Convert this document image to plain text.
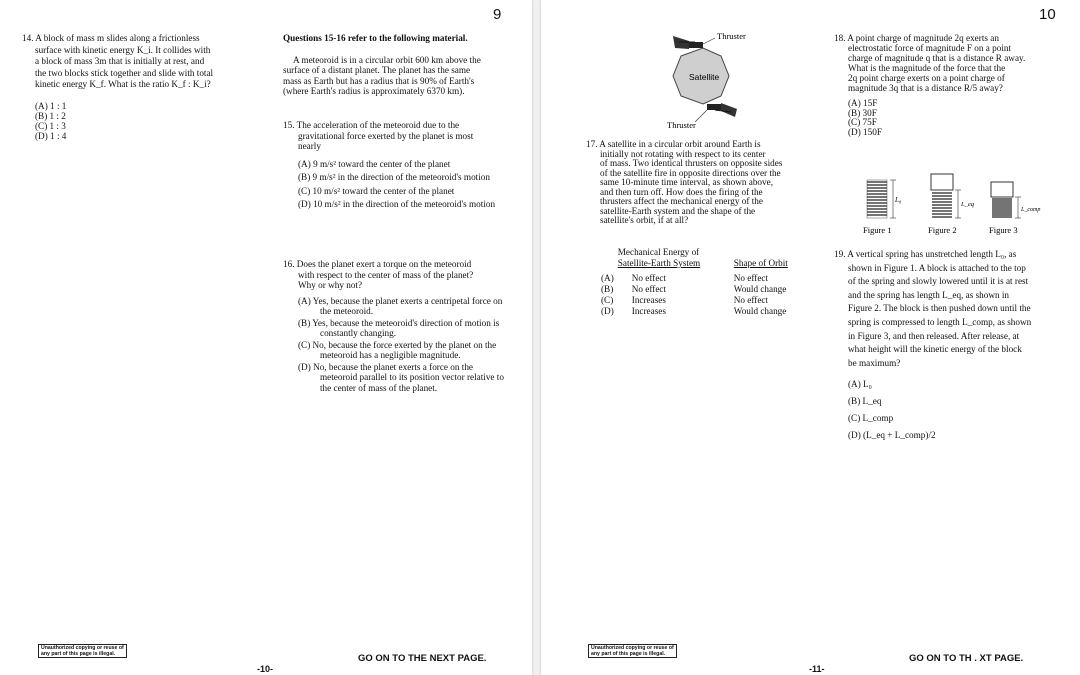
9
14. A block of mass m slides along a frictionless
surface with kinetic energy K_i. It collides with
a block of mass 3m that is initially at rest, and
the two blocks stick together and slide with total
kinetic energy K_f. What is the ratio K_f : K_i?
(A) 1 : 1
(B) 1 : 2
(C) 1 : 3
(D) 1 : 4
Questions 15-16 refer to the following material.
A meteoroid is in a circular orbit 600 km above the
surface of a distant planet. The planet has the same
mass as Earth but has a radius that is 90% of Earth's
(where Earth's radius is approximately 6370 km).
15. The acceleration of the meteoroid due to the
gravitational force exerted by the planet is most
nearly
(A) 9 m/s² toward the center of the planet
(B) 9 m/s² in the direction of the meteoroid's motion
(C) 10 m/s² toward the center of the planet
(D) 10 m/s² in the direction of the meteoroid's motion
16. Does the planet exert a torque on the meteoroid
with respect to the center of mass of the planet?
Why or why not?
(A) Yes, because the planet exerts a centripetal force on the meteoroid.
(B) Yes, because the meteoroid's direction of motion is constantly changing.
(C) No, because the force exerted by the planet on the meteoroid has a negligible magnitude.
(D) No, because the planet exerts a force on the meteoroid parallel to its position vector relative to the center of mass of the planet.
Unauthorized copying or reuse of
any part of this page is illegal.	GO ON TO THE NEXT PAGE.
-10-
10
Satellite
Thruster
Thruster
17. A satellite in a circular orbit around Earth is
initially not rotating with respect to its center
of mass. Two identical thrusters on opposite sides
of the satellite fire in opposite directions over the
same 10-minute time interval, as shown above,
and then turn off. How does the firing of the
thrusters affect the mechanical energy of the
satellite-Earth system and the shape of the
satellite's orbit, if at all?
	Mechanical Energy of
Satellite-Earth System	Shape of Orbit

(A)	No effect	No effect
(B)	No effect	Would change
(C)	Increases	No effect
(D)	Increases	Would change
18. A point charge of magnitude 2q exerts an
electrostatic force of magnitude F on a point
charge of magnitude q that is a distance R away.
What is the magnitude of the force that the
2q point charge exerts on a point charge of
magnitude 3q that is a distance R/5 away?
(A) 15F
(B) 30F
(C) 75F
(D) 150F
L₀
L_eq
L_comp
Figure 1	Figure 2	Figure 3
19. A vertical spring has unstretched length L₀, as
shown in Figure 1. A block is attached to the top
of the spring and slowly lowered until it is at rest
and the spring has length L_eq, as shown in
Figure 2. The block is then pushed down until the
spring is compressed to length L_comp, as shown
in Figure 3, and then released. After release, at
what height will the kinetic energy of the block
be maximum?
(A) L₀
(B) L_eq
(C) L_comp
(D) (L_eq + L_comp)/2
Unauthorized copying or reuse of
any part of this page is illegal.	GO ON TO TH . XT PAGE.
-11-
